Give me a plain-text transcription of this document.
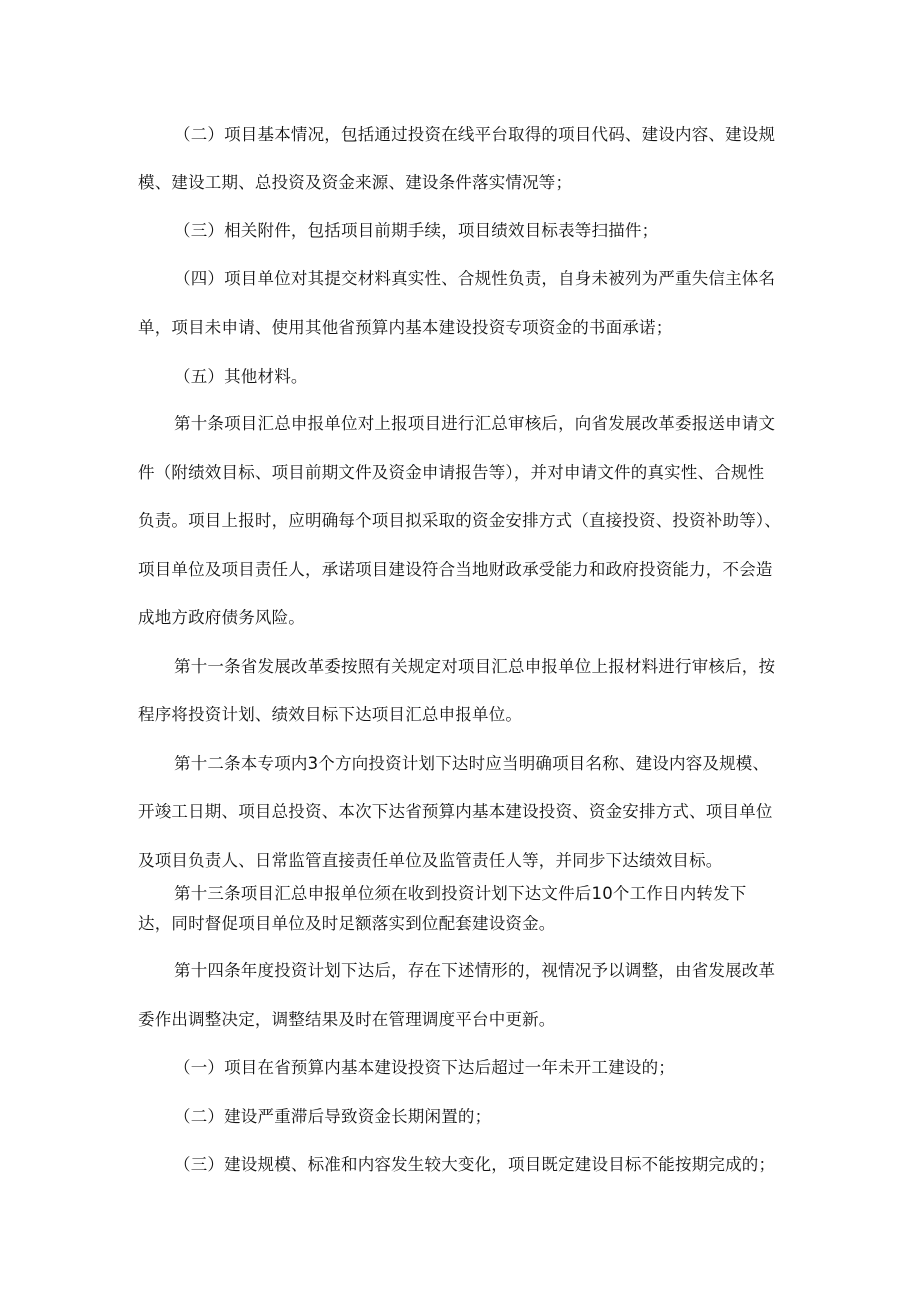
（二）项目基本情况，包括通过投资在线平台取得的项目代码、建设内容、建设规
模、建设工期、总投资及资金来源、建设条件落实情况等；
（三）相关附件，包括项目前期手续，项目绩效目标表等扫描件；
（四）项目单位对其提交材料真实性、合规性负责，自身未被列为严重失信主体名
单，项目未申请、使用其他省预算内基本建设投资专项资金的书面承诺；
（五）其他材料。
第十条项目汇总申报单位对上报项目进行汇总审核后，向省发展改革委报送申请文
件（附绩效目标、项目前期文件及资金申请报告等），并对申请文件的真实性、合规性
负责。项目上报时，应明确每个项目拟采取的资金安排方式（直接投资、投资补助等）、
项目单位及项目责任人，承诺项目建设符合当地财政承受能力和政府投资能力，不会造
成地方政府债务风险。
第十一条省发展改革委按照有关规定对项目汇总申报单位上报材料进行审核后，按
程序将投资计划、绩效目标下达项目汇总申报单位。
第十二条本专项内3个方向投资计划下达时应当明确项目名称、建设内容及规模、
开竣工日期、项目总投资、本次下达省预算内基本建设投资、资金安排方式、项目单位
及项目负责人、日常监管直接责任单位及监管责任人等，并同步下达绩效目标。
第十三条项目汇总申报单位须在收到投资计划下达文件后10个工作日内转发下
达，同时督促项目单位及时足额落实到位配套建设资金。
第十四条年度投资计划下达后，存在下述情形的，视情况予以调整，由省发展改革
委作出调整决定，调整结果及时在管理调度平台中更新。
（一）项目在省预算内基本建设投资下达后超过一年未开工建设的；
（二）建设严重滞后导致资金长期闲置的；
（三）建设规模、标准和内容发生较大变化，项目既定建设目标不能按期完成的；
